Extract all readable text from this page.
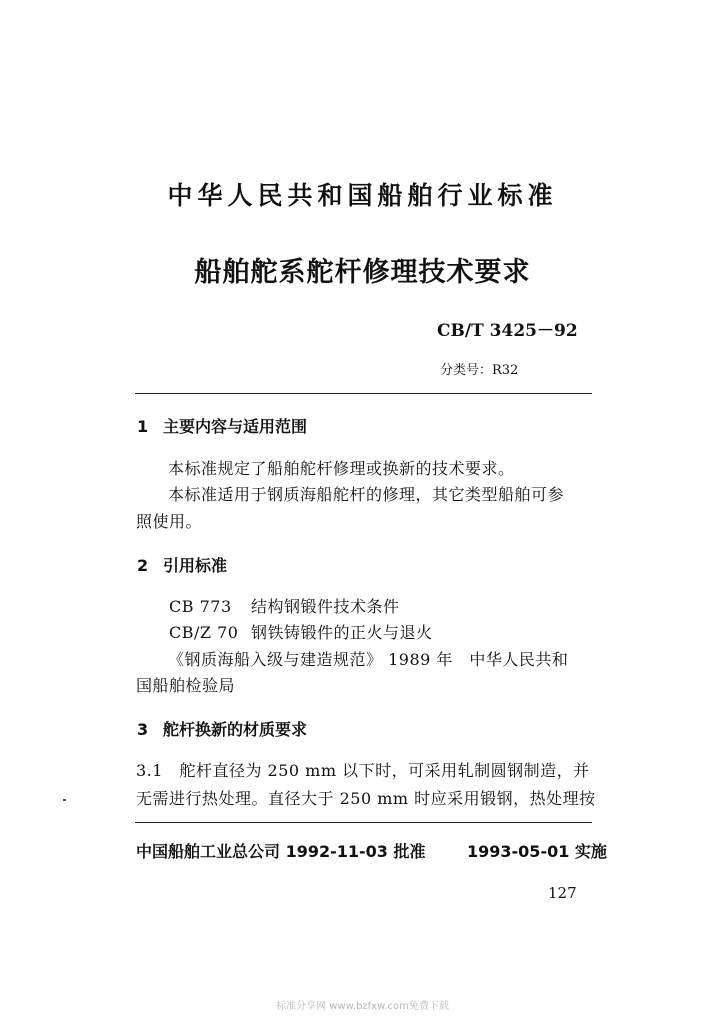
中华人民共和国船舶行业标准
船舶舵系舵杆修理技术要求
CB/T 3425－92
分类号：R32
1 主要内容与适用范围
本标准规定了船舶舵杆修理或换新的技术要求。
本标准适用于钢质海船舵杆的修理，其它类型船舶可参
照使用。
2 引用标准
CB 773 结构钢锻件技术条件
CB/Z 70 钢铁铸锻件的正火与退火
《钢质海船入级与建造规范》 1989 年　中华人民共和
国船舶检验局
3 舵杆换新的材质要求
3.1　舵杆直径为 250 mm 以下时，可采用轧制圆钢制造，并
无需进行热处理。直径大于 250 mm 时应采用锻钢，热处理按
中国船舶工业总公司 1992-11-03 批准	1993-05-01 实施
127
标准分享网 www.bzfxw.com免费下载
